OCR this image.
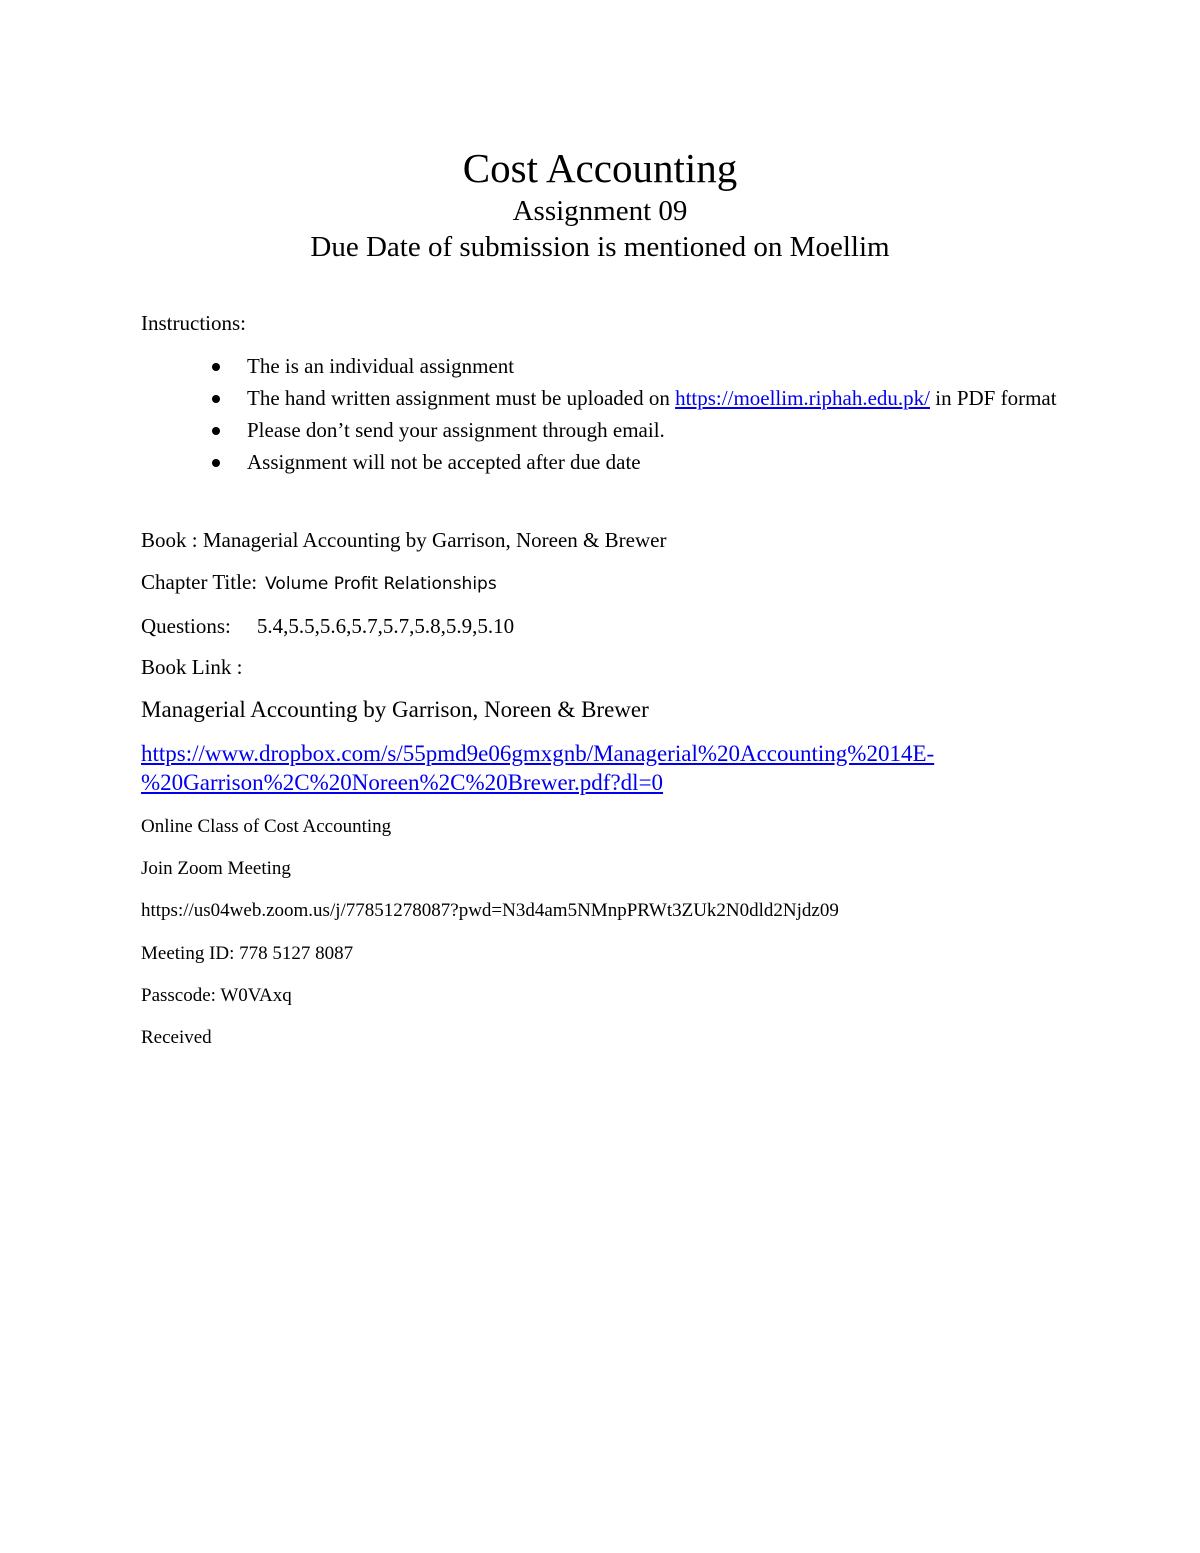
Cost Accounting
Assignment 09
Due Date of submission is mentioned on Moellim
Instructions:
The is an individual assignment
The hand written assignment must be uploaded on https://moellim.riphah.edu.pk/ in PDF format
Please don’t send your assignment through email.
Assignment will not be accepted after due date
Book : Managerial Accounting by Garrison, Noreen & Brewer
Chapter Title: Volume Profit Relationships
Questions: 5.4,5.5,5.6,5.7,5.7,5.8,5.9,5.10
Book Link :
Managerial Accounting by Garrison, Noreen & Brewer
https://www.dropbox.com/s/55pmd9e06gmxgnb/Managerial%20Accounting%2014E-
%20Garrison%2C%20Noreen%2C%20Brewer.pdf?dl=0
Online Class of Cost Accounting
Join Zoom Meeting
https://us04web.zoom.us/j/77851278087?pwd=N3d4am5NMnpPRWt3ZUk2N0dld2Njdz09
Meeting ID: 778 5127 8087
Passcode: W0VAxq
Received
